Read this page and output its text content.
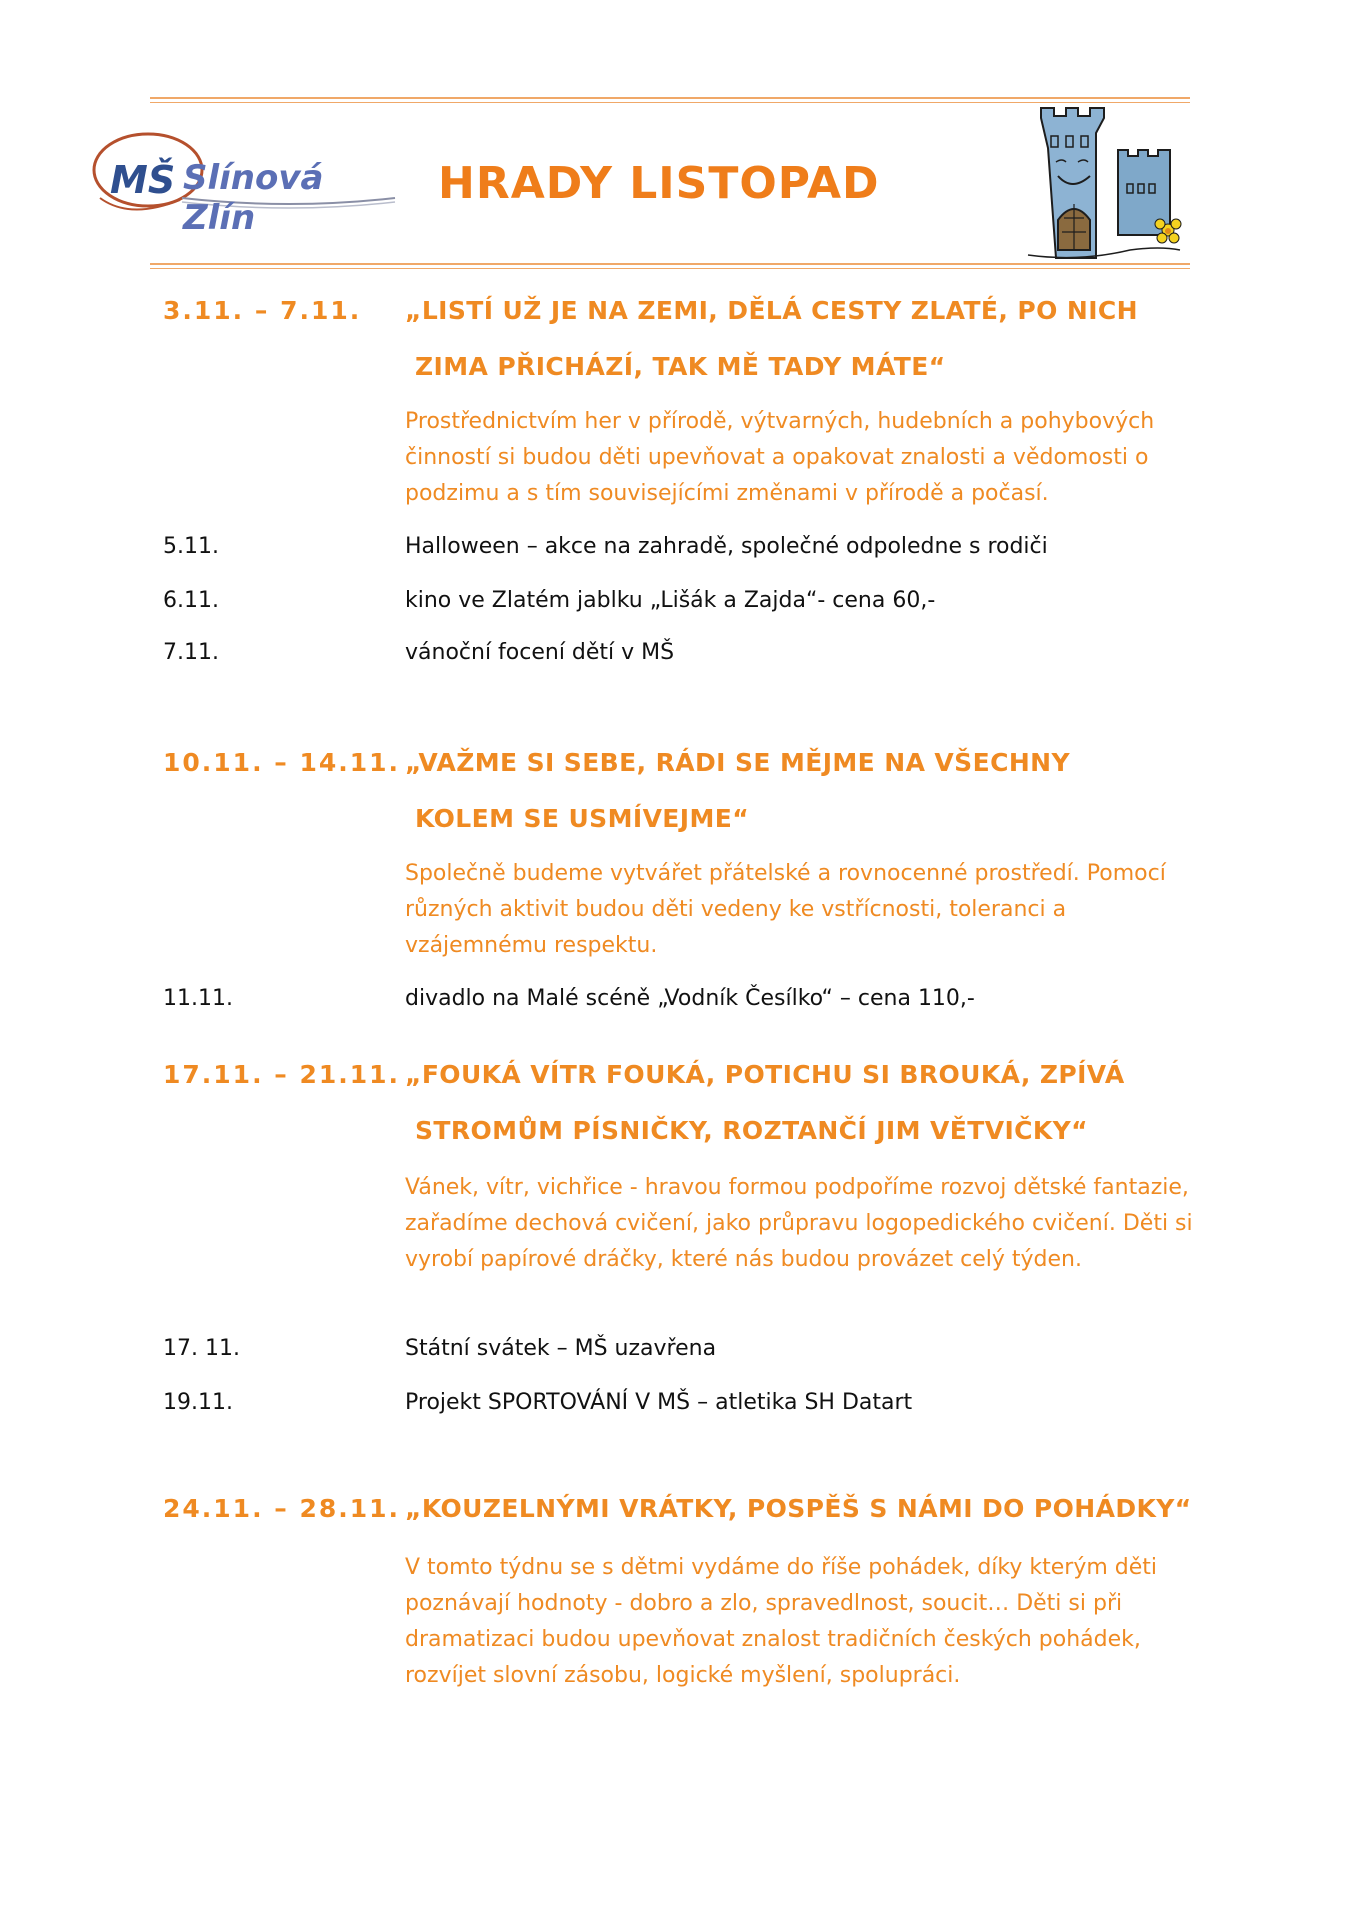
MŠ Slínová Zlín
HRADY LISTOPAD
3.11. – 7.11. „LISTÍ UŽ JE NA ZEMI, DĚLÁ CESTY ZLATÉ, PO NICH
ZIMA PŘICHÁZÍ, TAK MĚ TADY MÁTE“
Prostřednictvím her v přírodě, výtvarných, hudebních a pohybových činností si budou děti upevňovat a opakovat znalosti a vědomosti o podzimu a s tím souvisejícími změnami v přírodě a počasí.
5.11.	Halloween – akce na zahradě, společné odpoledne s rodiči
6.11.	kino ve Zlatém jablku „Lišák a Zajda“- cena 60,-
7.11.	vánoční focení dětí v MŠ
10.11. – 14.11. „VAŽME SI SEBE, RÁDI SE MĚJME NA VŠECHNY
KOLEM SE USMÍVEJME“
Společně budeme vytvářet přátelské a rovnocenné prostředí. Pomocí různých aktivit budou děti vedeny ke vstřícnosti, toleranci a vzájemnému respektu.
11.11.	divadlo na Malé scéně „Vodník Česílko“ – cena 110,-
17.11. – 21.11. „FOUKÁ VÍTR FOUKÁ, POTICHU SI BROUKÁ, ZPÍVÁ
STROMŮM PÍSNIČKY, ROZTANČÍ JIM VĚTVIČKY“
Vánek, vítr, vichřice - hravou formou podpoříme rozvoj dětské fantazie, zařadíme dechová cvičení, jako průpravu logopedického cvičení. Děti si vyrobí papírové dráčky, které nás budou provázet celý týden.
17. 11.	Státní svátek – MŠ uzavřena
19.11.	Projekt SPORTOVÁNÍ V MŠ – atletika SH Datart
24.11. – 28.11. „KOUZELNÝMI VRÁTKY, POSPĚŠ S NÁMI DO POHÁDKY“
V tomto týdnu se s dětmi vydáme do říše pohádek, díky kterým děti poznávají hodnoty - dobro a zlo, spravedlnost, soucit… Děti si při dramatizaci budou upevňovat znalost tradičních českých pohádek, rozvíjet slovní zásobu, logické myšlení, spolupráci.
